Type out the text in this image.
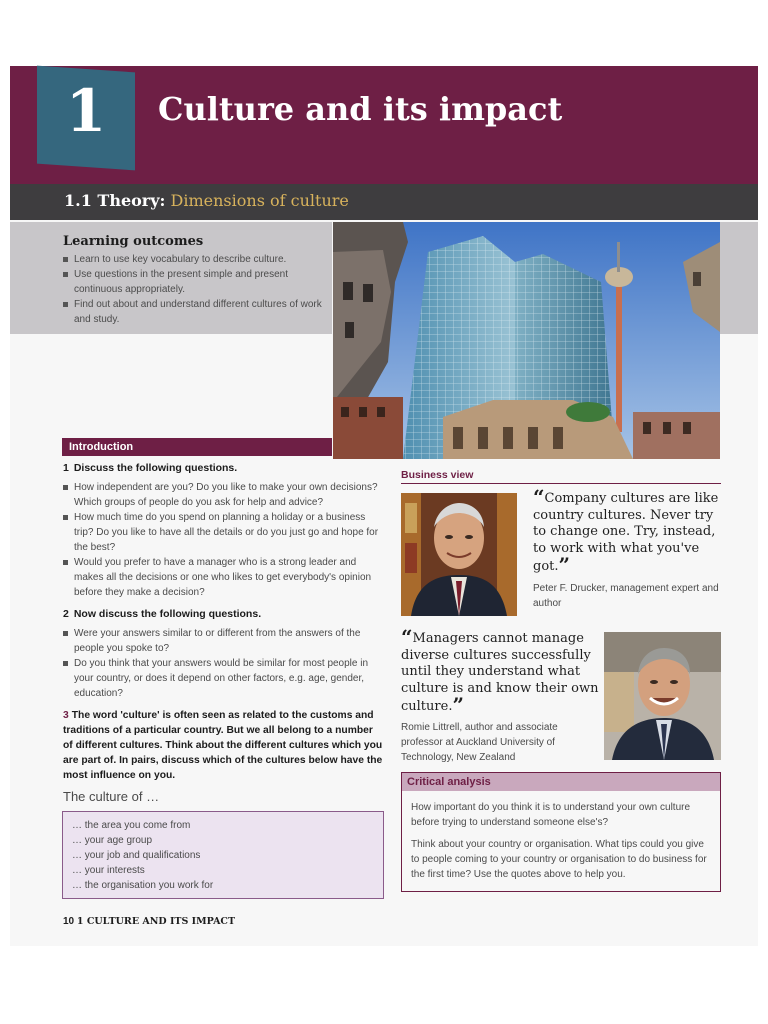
1	Culture and its impact
1.1 Theory: Dimensions of culture
Learning outcomes
Learn to use key vocabulary to describe culture.
Use questions in the present simple and present continuous appropriately.
Find out about and understand different cultures of work and study.
Introduction
1 Discuss the following questions.
How independent are you? Do you like to make your own decisions? Which groups of people do you ask for help and advice?
How much time do you spend on planning a holiday or a business trip? Do you like to have all the details or do you just go and hope for the best?
Would you prefer to have a manager who is a strong leader and makes all the decisions or one who likes to get everybody's opinion before they make a decision?
2 Now discuss the following questions.
Were your answers similar to or different from the answers of the people you spoke to?
Do you think that your answers would be similar for most people in your country, or does it depend on other factors, e.g. age, gender, education?
3 The word 'culture' is often seen as related to the customs and traditions of a particular country. But we all belong to a number of different cultures. Think about the different cultures which you are part of. In pairs, discuss which of the cultures below have the most influence on you.
The culture of …
… the area you come from
… your age group
… your job and qualifications
… your interests
… the organisation you work for
Business view
“Company cultures are like country cultures. Never try to change one. Try, instead, to work with what you've got.”
Peter F. Drucker, management expert and author
“Managers cannot manage diverse cultures successfully until they understand what culture is and know their own culture.”
Romie Littrell, author and associate professor at Auckland University of Technology, New Zealand
Critical analysis
How important do you think it is to understand your own culture before trying to understand someone else's?
Think about your country or organisation. What tips could you give to people coming to your country or organisation to do business for the first time? Use the quotes above to help you.
10 1 CULTURE AND ITS IMPACT
